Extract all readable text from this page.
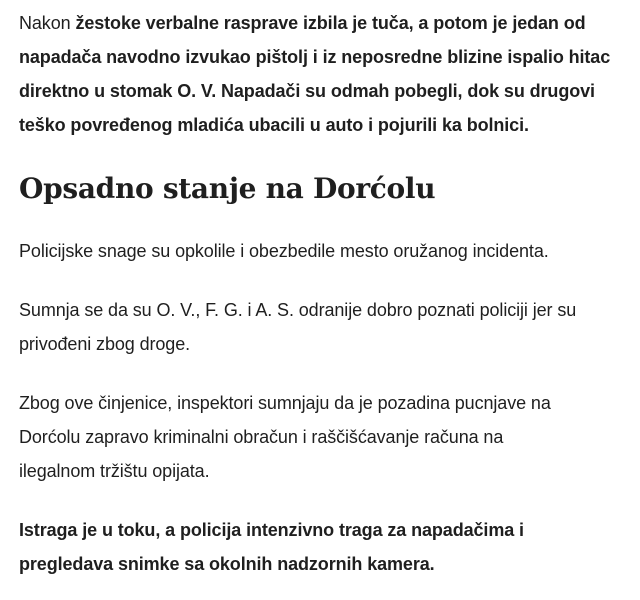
Nakon žestoke verbalne rasprave izbila je tuča, a potom je jedan od napadača navodno izvukao pištolj i iz neposredne blizine ispalio hitac direktno u stomak O. V. Napadači su odmah pobegli, dok su drugovi teško povređenog mladića ubacili u auto i pojurili ka bolnici.

Opsadno stanje na Dorćolu

Policijske snage su opkolile i obezbedile mesto oružanog incidenta.

Sumnja se da su O. V., F. G. i A. S. odranije dobro poznati policiji jer su privođeni zbog droge.

Zbog ove činjenice, inspektori sumnjaju da je pozadina pucnjave na Dorćolu zapravo kriminalni obračun i raščišćavanje računa na ilegalnom tržištu opijata.

Istraga je u toku, a policija intenzivno traga za napadačima i pregledava snimke sa okolnih nadzornih kamera.
